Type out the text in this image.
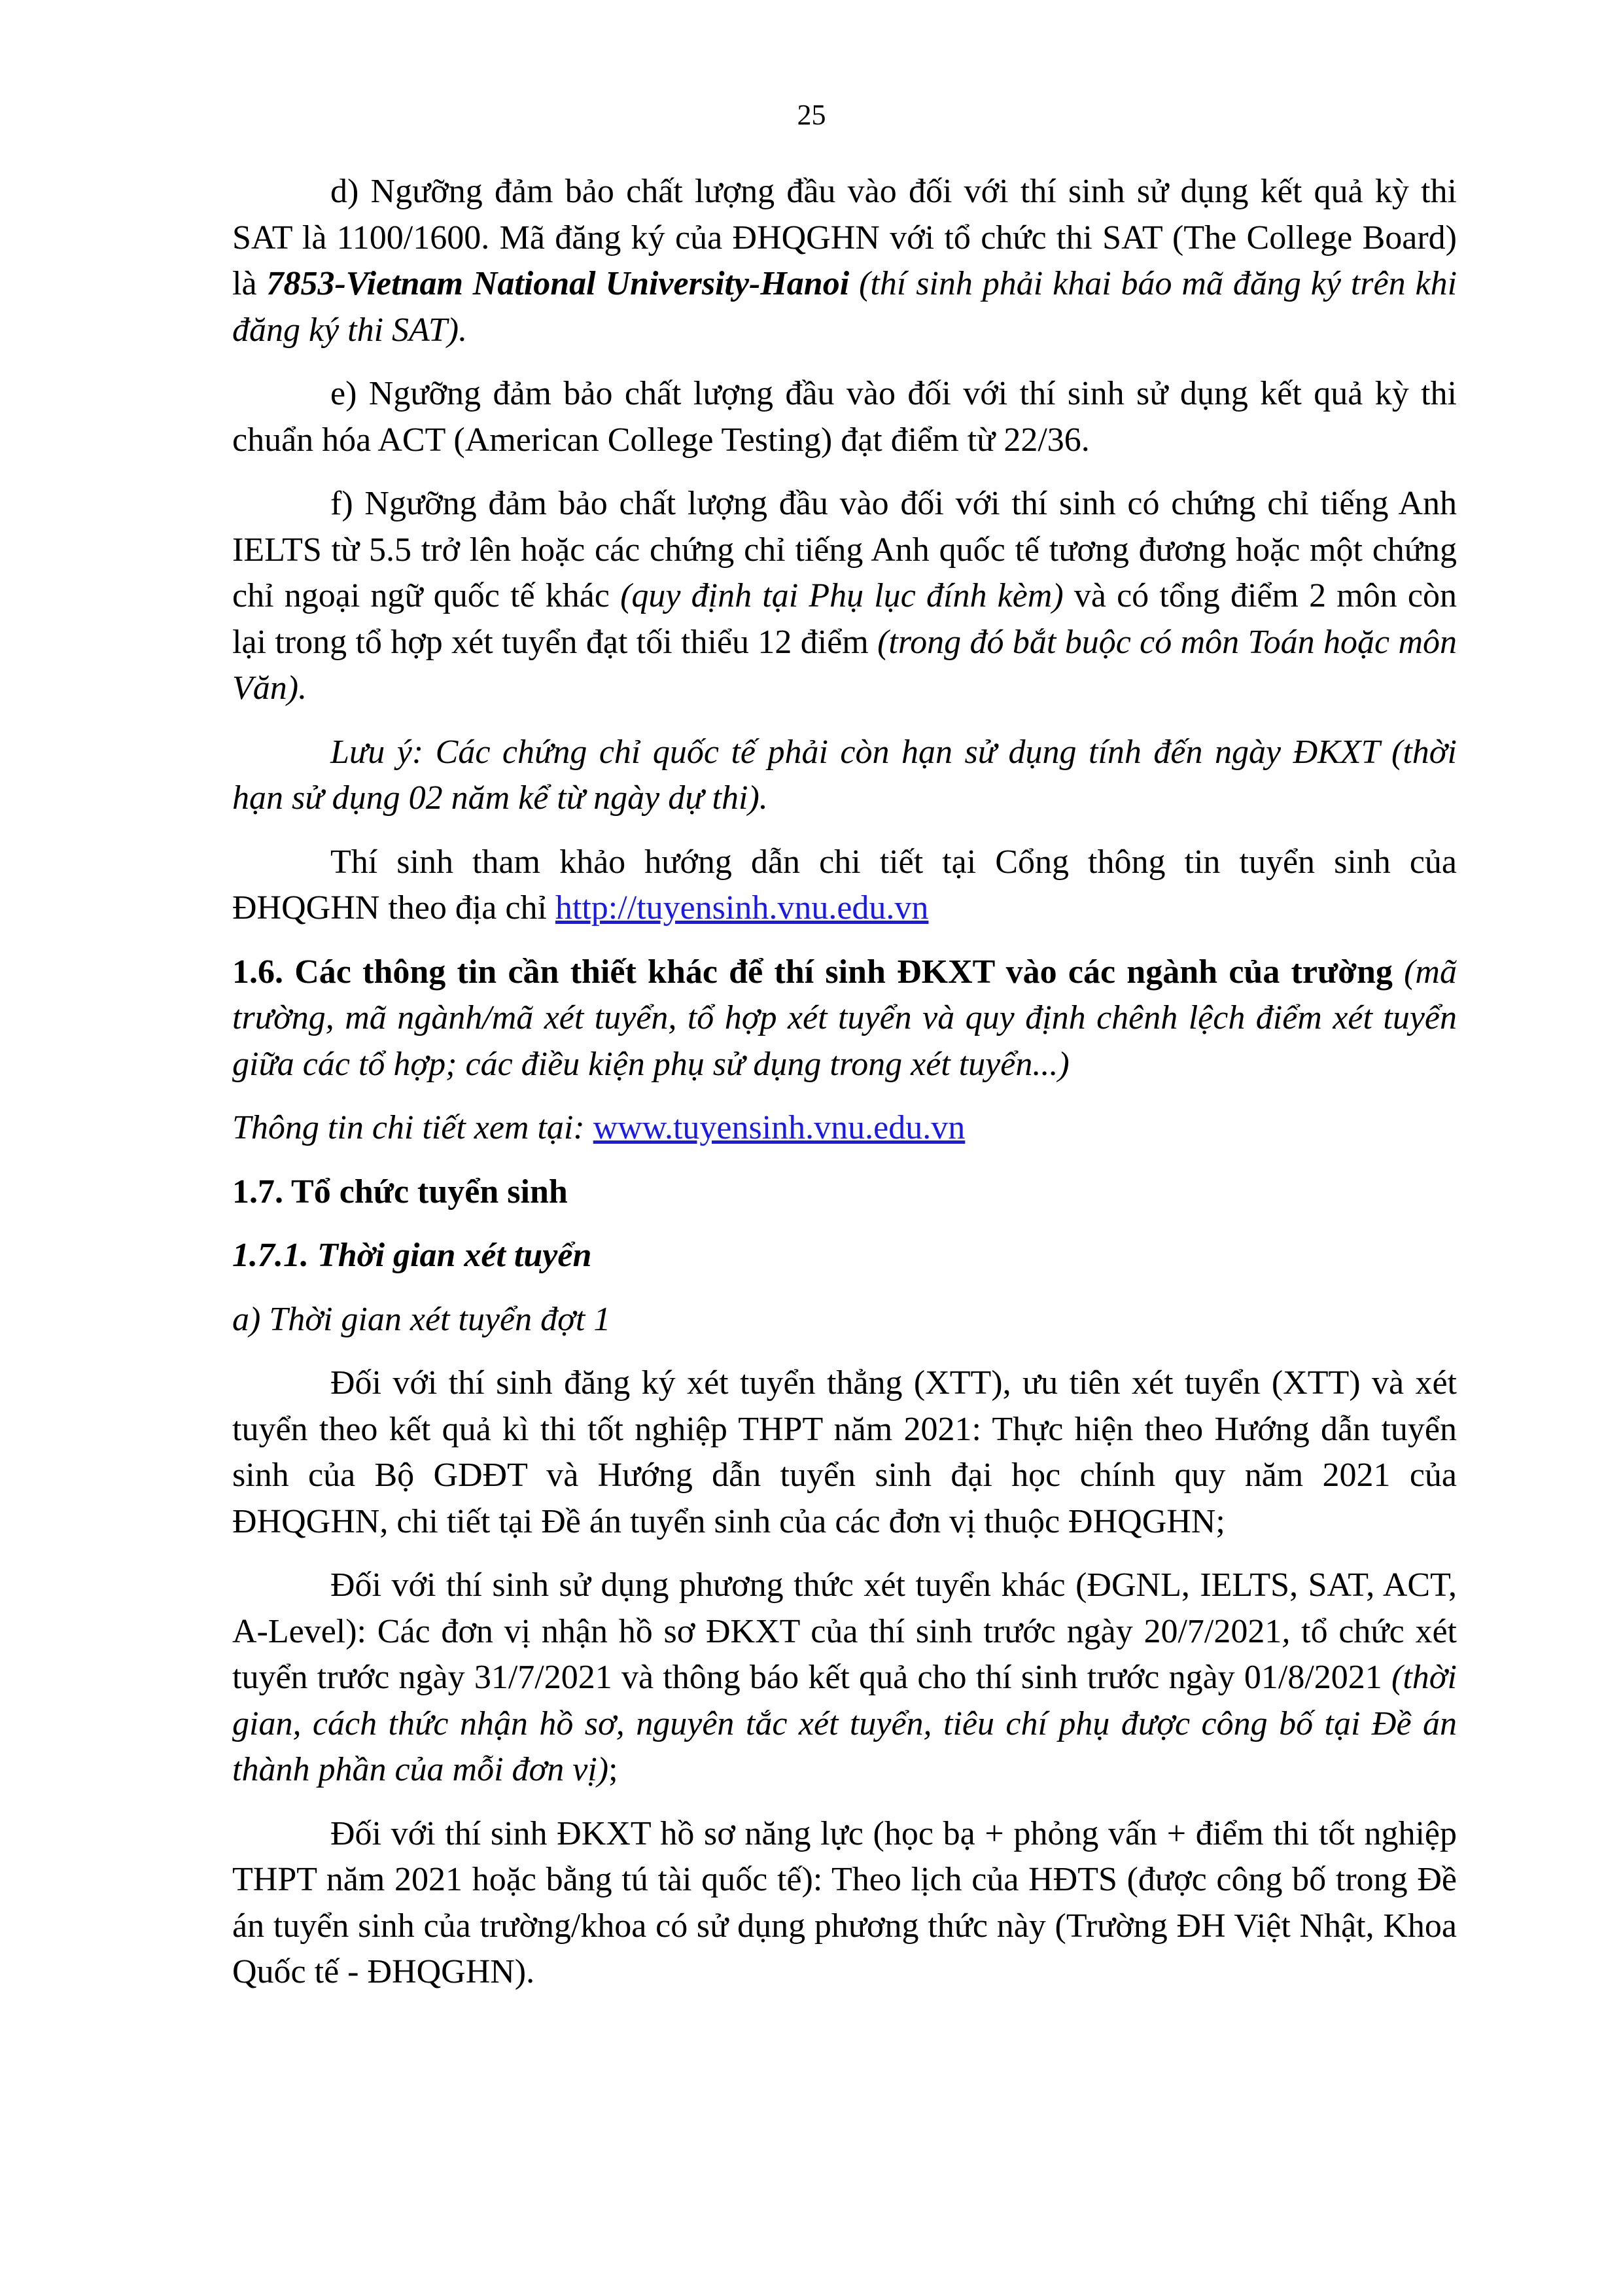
25

d) Ngưỡng đảm bảo chất lượng đầu vào đối với thí sinh sử dụng kết quả kỳ thi SAT là 1100/1600. Mã đăng ký của ĐHQGHN với tổ chức thi SAT (The College Board) là 7853-Vietnam National University-Hanoi (thí sinh phải khai báo mã đăng ký trên khi đăng ký thi SAT).

e) Ngưỡng đảm bảo chất lượng đầu vào đối với thí sinh sử dụng kết quả kỳ thi chuẩn hóa ACT (American College Testing) đạt điểm từ 22/36.

f) Ngưỡng đảm bảo chất lượng đầu vào đối với thí sinh có chứng chỉ tiếng Anh IELTS từ 5.5 trở lên hoặc các chứng chỉ tiếng Anh quốc tế tương đương hoặc một chứng chỉ ngoại ngữ quốc tế khác (quy định tại Phụ lục đính kèm) và có tổng điểm 2 môn còn lại trong tổ hợp xét tuyển đạt tối thiểu 12 điểm (trong đó bắt buộc có môn Toán hoặc môn Văn).

Lưu ý: Các chứng chỉ quốc tế phải còn hạn sử dụng tính đến ngày ĐKXT (thời hạn sử dụng 02 năm kể từ ngày dự thi).

Thí sinh tham khảo hướng dẫn chi tiết tại Cổng thông tin tuyển sinh của ĐHQGHN theo địa chỉ http://tuyensinh.vnu.edu.vn

1.6. Các thông tin cần thiết khác để thí sinh ĐKXT vào các ngành của trường (mã trường, mã ngành/mã xét tuyển, tổ hợp xét tuyển và quy định chênh lệch điểm xét tuyển giữa các tổ hợp; các điều kiện phụ sử dụng trong xét tuyển...)

Thông tin chi tiết xem tại: www.tuyensinh.vnu.edu.vn

1.7. Tổ chức tuyển sinh
1.7.1. Thời gian xét tuyển

a) Thời gian xét tuyển đợt 1

Đối với thí sinh đăng ký xét tuyển thẳng (XTT), ưu tiên xét tuyển (XTT) và xét tuyển theo kết quả kì thi tốt nghiệp THPT năm 2021: Thực hiện theo Hướng dẫn tuyển sinh của Bộ GDĐT và Hướng dẫn tuyển sinh đại học chính quy năm 2021 của ĐHQGHN, chi tiết tại Đề án tuyển sinh của các đơn vị thuộc ĐHQGHN;

Đối với thí sinh sử dụng phương thức xét tuyển khác (ĐGNL, IELTS, SAT, ACT, A-Level): Các đơn vị nhận hồ sơ ĐKXT của thí sinh trước ngày 20/7/2021, tổ chức xét tuyển trước ngày 31/7/2021 và thông báo kết quả cho thí sinh trước ngày 01/8/2021 (thời gian, cách thức nhận hồ sơ, nguyên tắc xét tuyển, tiêu chí phụ được công bố tại Đề án thành phần của mỗi đơn vị);

Đối với thí sinh ĐKXT hồ sơ năng lực (học bạ + phỏng vấn + điểm thi tốt nghiệp THPT năm 2021 hoặc bằng tú tài quốc tế): Theo lịch của HĐTS (được công bố trong Đề án tuyển sinh của trường/khoa có sử dụng phương thức này (Trường ĐH Việt Nhật, Khoa Quốc tế - ĐHQGHN).
